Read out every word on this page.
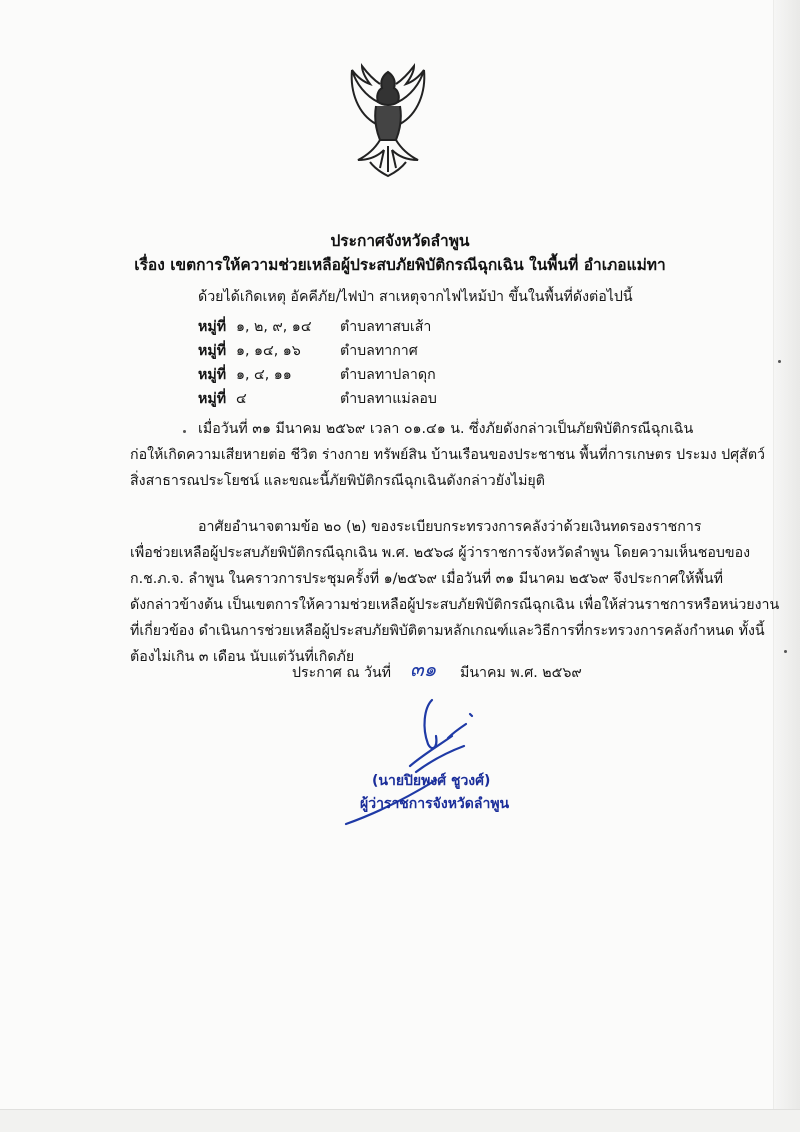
ประกาศจังหวัดลำพูน
เรื่อง เขตการให้ความช่วยเหลือผู้ประสบภัยพิบัติกรณีฉุกเฉิน ในพื้นที่ อำเภอแม่ทา
ด้วยได้เกิดเหตุ อัคคีภัย/ไฟป่า สาเหตุจากไฟไหม้ป่า ขึ้นในพื้นที่ดังต่อไปนี้
หมู่ที่ ๑, ๒, ๙, ๑๔ ตำบลทาสบเส้า
หมู่ที่ ๑, ๑๔, ๑๖	ตำบลทากาศ
หมู่ที่ ๑, ๔, ๑๑	ตำบลทาปลาดุก
หมู่ที่ ๔	ตำบลทาแม่ลอบ
เมื่อวันที่ ๓๑ มีนาคม ๒๕๖๙ เวลา ๐๑.๔๑ น. ซึ่งภัยดังกล่าวเป็นภัยพิบัติกรณีฉุกเฉิน
ก่อให้เกิดความเสียหายต่อ ชีวิต ร่างกาย ทรัพย์สิน บ้านเรือนของประชาชน พื้นที่การเกษตร ประมง ปศุสัตว์
สิ่งสาธารณประโยชน์ และขณะนี้ภัยพิบัติกรณีฉุกเฉินดังกล่าวยังไม่ยุติ
อาศัยอำนาจตามข้อ ๒๐ (๒) ของระเบียบกระทรวงการคลังว่าด้วยเงินทดรองราชการ
เพื่อช่วยเหลือผู้ประสบภัยพิบัติกรณีฉุกเฉิน พ.ศ. ๒๕๖๘ ผู้ว่าราชการจังหวัดลำพูน โดยความเห็นชอบของ
ก.ช.ภ.จ. ลำพูน ในคราวการประชุมครั้งที่ ๑/๒๕๖๙ เมื่อวันที่ ๓๑ มีนาคม ๒๕๖๙ จึงประกาศให้พื้นที่
ดังกล่าวข้างต้น เป็นเขตการให้ความช่วยเหลือผู้ประสบภัยพิบัติกรณีฉุกเฉิน เพื่อให้ส่วนราชการหรือหน่วยงาน
ที่เกี่ยวข้อง ดำเนินการช่วยเหลือผู้ประสบภัยพิบัติตามหลักเกณฑ์และวิธีการที่กระทรวงการคลังกำหนด ทั้งนี้
ต้องไม่เกิน ๓ เดือน นับแต่วันที่เกิดภัย
ประกาศ ณ วันที่ ๓๑ มีนาคม พ.ศ. ๒๕๖๙
(นายปิยพงศ์ ชูวงศ์)
ผู้ว่าราชการจังหวัดลำพูน
